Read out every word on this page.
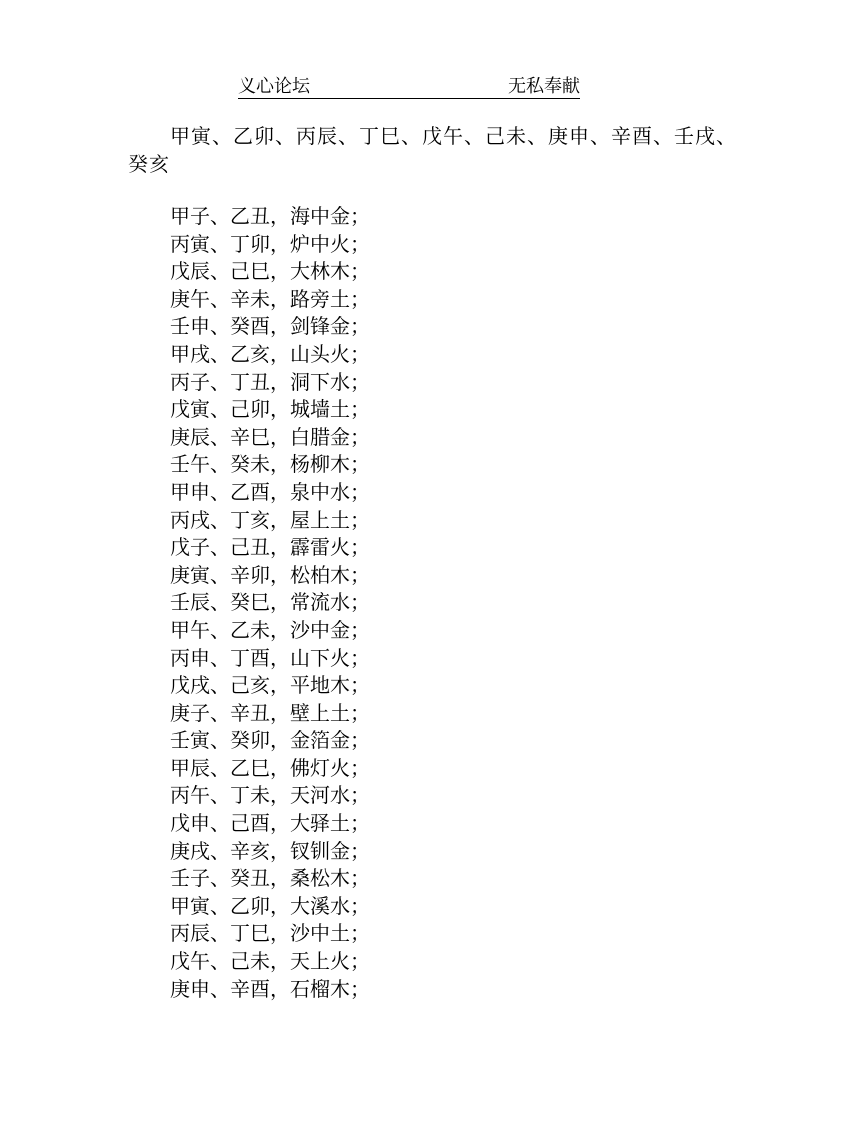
义心论坛	无私奉献
甲寅、乙卯、丙辰、丁巳、戊午、己未、庚申、辛酉、壬戌、癸亥
甲子、乙丑，海中金；
丙寅、丁卯，炉中火；
戊辰、己巳，大林木；
庚午、辛未，路旁土；
壬申、癸酉，剑锋金；
甲戌、乙亥，山头火；
丙子、丁丑，洞下水；
戊寅、己卯，城墙土；
庚辰、辛巳，白腊金；
壬午、癸未，杨柳木；
甲申、乙酉，泉中水；
丙戌、丁亥，屋上土；
戊子、己丑，霹雷火；
庚寅、辛卯，松柏木；
壬辰、癸巳，常流水；
甲午、乙未，沙中金；
丙申、丁酉，山下火；
戊戌、己亥，平地木；
庚子、辛丑，壁上土；
壬寅、癸卯，金箔金；
甲辰、乙巳，佛灯火；
丙午、丁未，天河水；
戊申、己酉，大驿土；
庚戌、辛亥，钗钏金；
壬子、癸丑，桑松木；
甲寅、乙卯，大溪水；
丙辰、丁巳，沙中土；
戊午、己未，天上火；
庚申、辛酉，石榴木；
